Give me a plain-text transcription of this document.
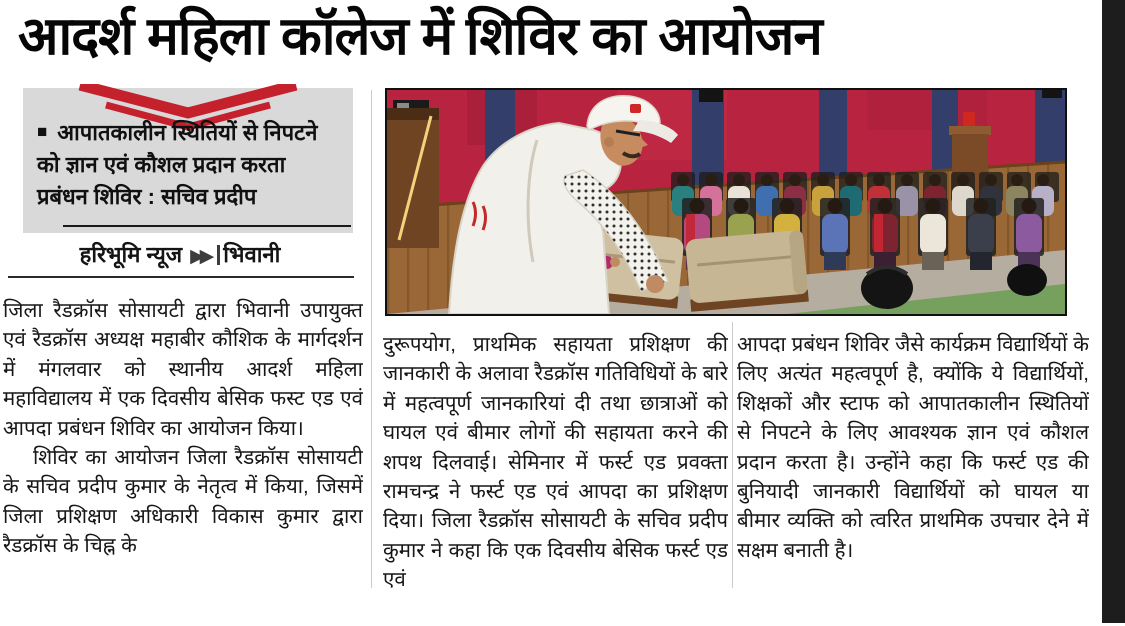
आदर्श महिला कॉलेज में शिविर का आयोजन
■ आपातकालीन स्थितियों से निपटने को ज्ञान एवं कौशल प्रदान करता प्रबंधन शिविर : सचिव प्रदीप
हरिभूमि न्यूज ▶▶ भिवानी

जिला रैडक्रॉस सोसायटी द्वारा भिवानी उपायुक्त एवं रैडक्रॉस अध्यक्ष महाबीर कौशिक के मार्गदर्शन में मंगलवार को स्थानीय आदर्श महिला महाविद्यालय में एक दिवसीय बेसिक फस्ट एड एवं आपदा प्रबंधन शिविर का आयोजन किया।

शिविर का आयोजन जिला रैडक्रॉस सोसायटी के सचिव प्रदीप कुमार के नेतृत्व में किया, जिसमें जिला प्रशिक्षण अधिकारी विकास कुमार द्वारा रैडक्रॉस के चिह्न के

दुरूपयोग, प्राथमिक सहायता प्रशिक्षण की जानकारी के अलावा रैडक्रॉस गतिविधियों के बारे में महत्वपूर्ण जानकारियां दी तथा छात्राओं को घायल एवं बीमार लोगों की सहायता करने की शपथ दिलवाई। सेमिनार में फर्स्ट एड प्रवक्ता रामचन्द्र ने फर्स्ट एड एवं आपदा का प्रशिक्षण दिया। जिला रैडक्रॉस सोसायटी के सचिव प्रदीप कुमार ने कहा कि एक दिवसीय बेसिक फर्स्ट एड एवं

आपदा प्रबंधन शिविर जैसे कार्यक्रम विद्यार्थियों के लिए अत्यंत महत्वपूर्ण है, क्योंकि ये विद्यार्थियों, शिक्षकों और स्टाफ को आपातकालीन स्थितियों से निपटने के लिए आवश्यक ज्ञान एवं कौशल प्रदान करता है। उन्होंने कहा कि फर्स्ट एड की बुनियादी जानकारी विद्यार्थियों को घायल या बीमार व्यक्ति को त्वरित प्राथमिक उपचार देने में सक्षम बनाती है।
